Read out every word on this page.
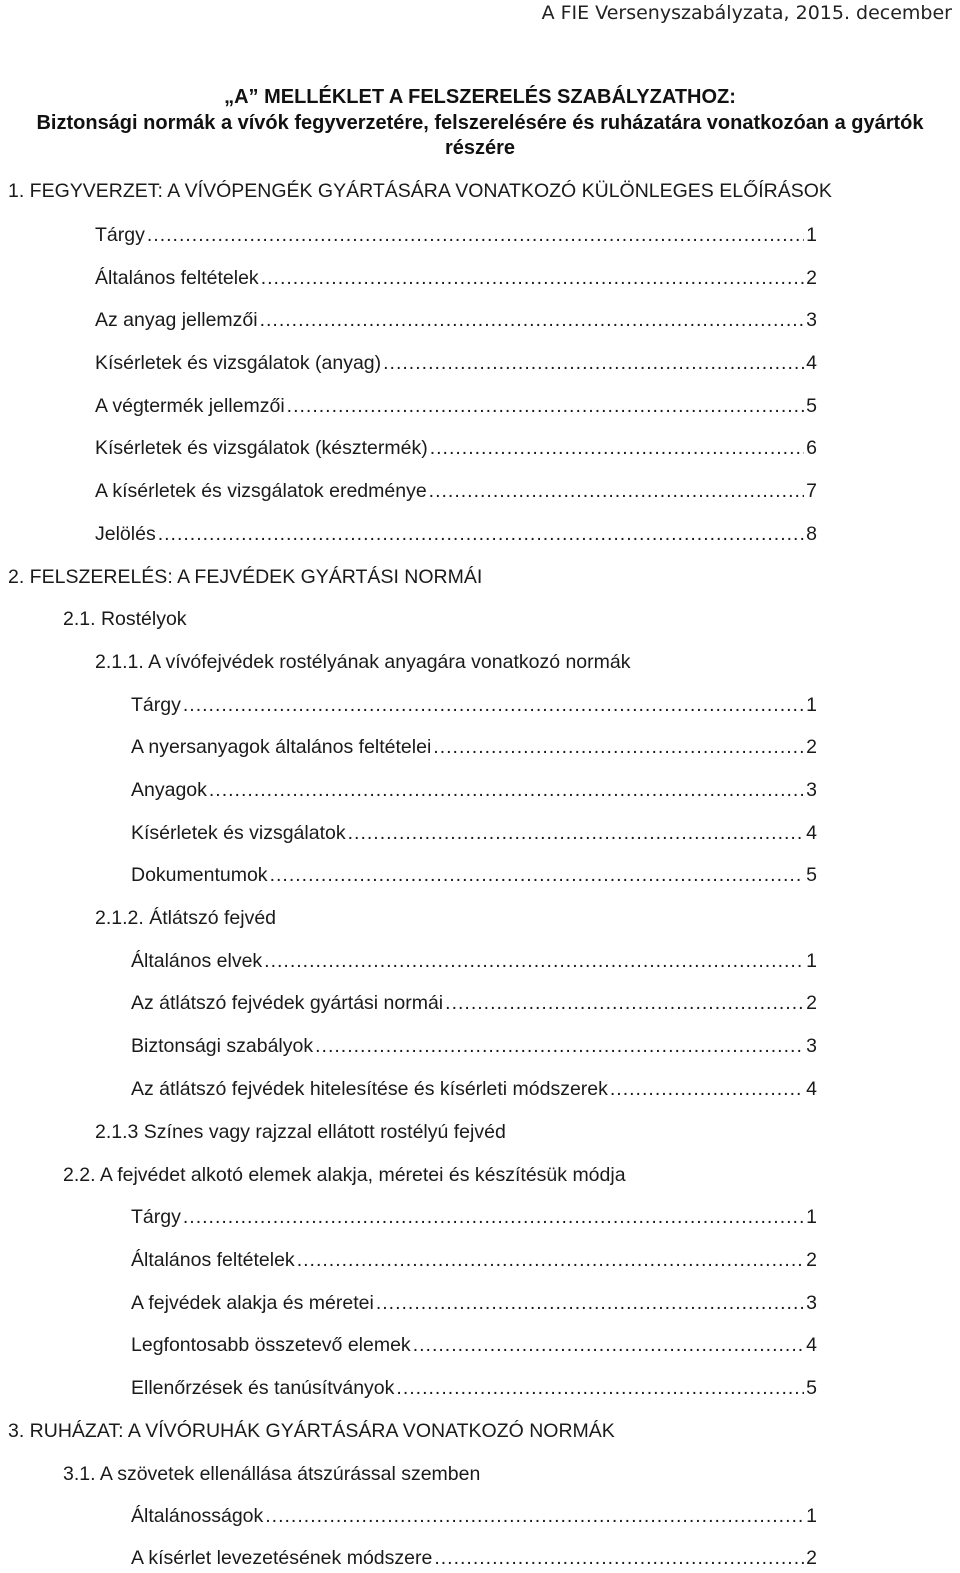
A FIE Versenyszabályzata, 2015. december
„A” MELLÉKLET A FELSZERELÉS SZABÁLYZATHOZ:
Biztonsági normák a vívók fegyverzetére, felszerelésére és ruházatára vonatkozóan a gyártók
részére
1. FEGYVERZET: A VÍVÓPENGÉK GYÁRTÁSÁRA VONATKOZÓ KÜLÖNLEGES ELŐÍRÁSOK
Tárgy .....	1
Általános feltételek .....	2
Az anyag jellemzői .....	3
Kísérletek és vizsgálatok (anyag) .....	4
A végtermék jellemzői .....	5
Kísérletek és vizsgálatok (késztermék) .....	6
A kísérletek és vizsgálatok eredménye .....	7
Jelölés .....	8
2. FELSZERELÉS: A FEJVÉDEK GYÁRTÁSI NORMÁI
2.1. Rostélyok
2.1.1. A vívófejvédek rostélyának anyagára vonatkozó normák
Tárgy .....	1
A nyersanyagok általános feltételei .....	2
Anyagok .....	3
Kísérletek és vizsgálatok .....	4
Dokumentumok .....	5
2.1.2. Átlátszó fejvéd
Általános elvek .....	1
Az átlátszó fejvédek gyártási normái .....	2
Biztonsági szabályok .....	3
Az átlátszó fejvédek hitelesítése és kísérleti módszerek .....	4
2.1.3 Színes vagy rajzzal ellátott rostélyú fejvéd
2.2. A fejvédet alkotó elemek alakja, méretei és készítésük módja
Tárgy .....	1
Általános feltételek .....	2
A fejvédek alakja és méretei .....	3
Legfontosabb összetevő elemek .....	4
Ellenőrzések és tanúsítványok .....	5
3. RUHÁZAT: A VÍVÓRUHÁK GYÁRTÁSÁRA VONATKOZÓ NORMÁK
3.1. A szövetek ellenállása átszúrással szemben
Általánosságok .....	1
A kísérlet levezetésének módszere .....	2
